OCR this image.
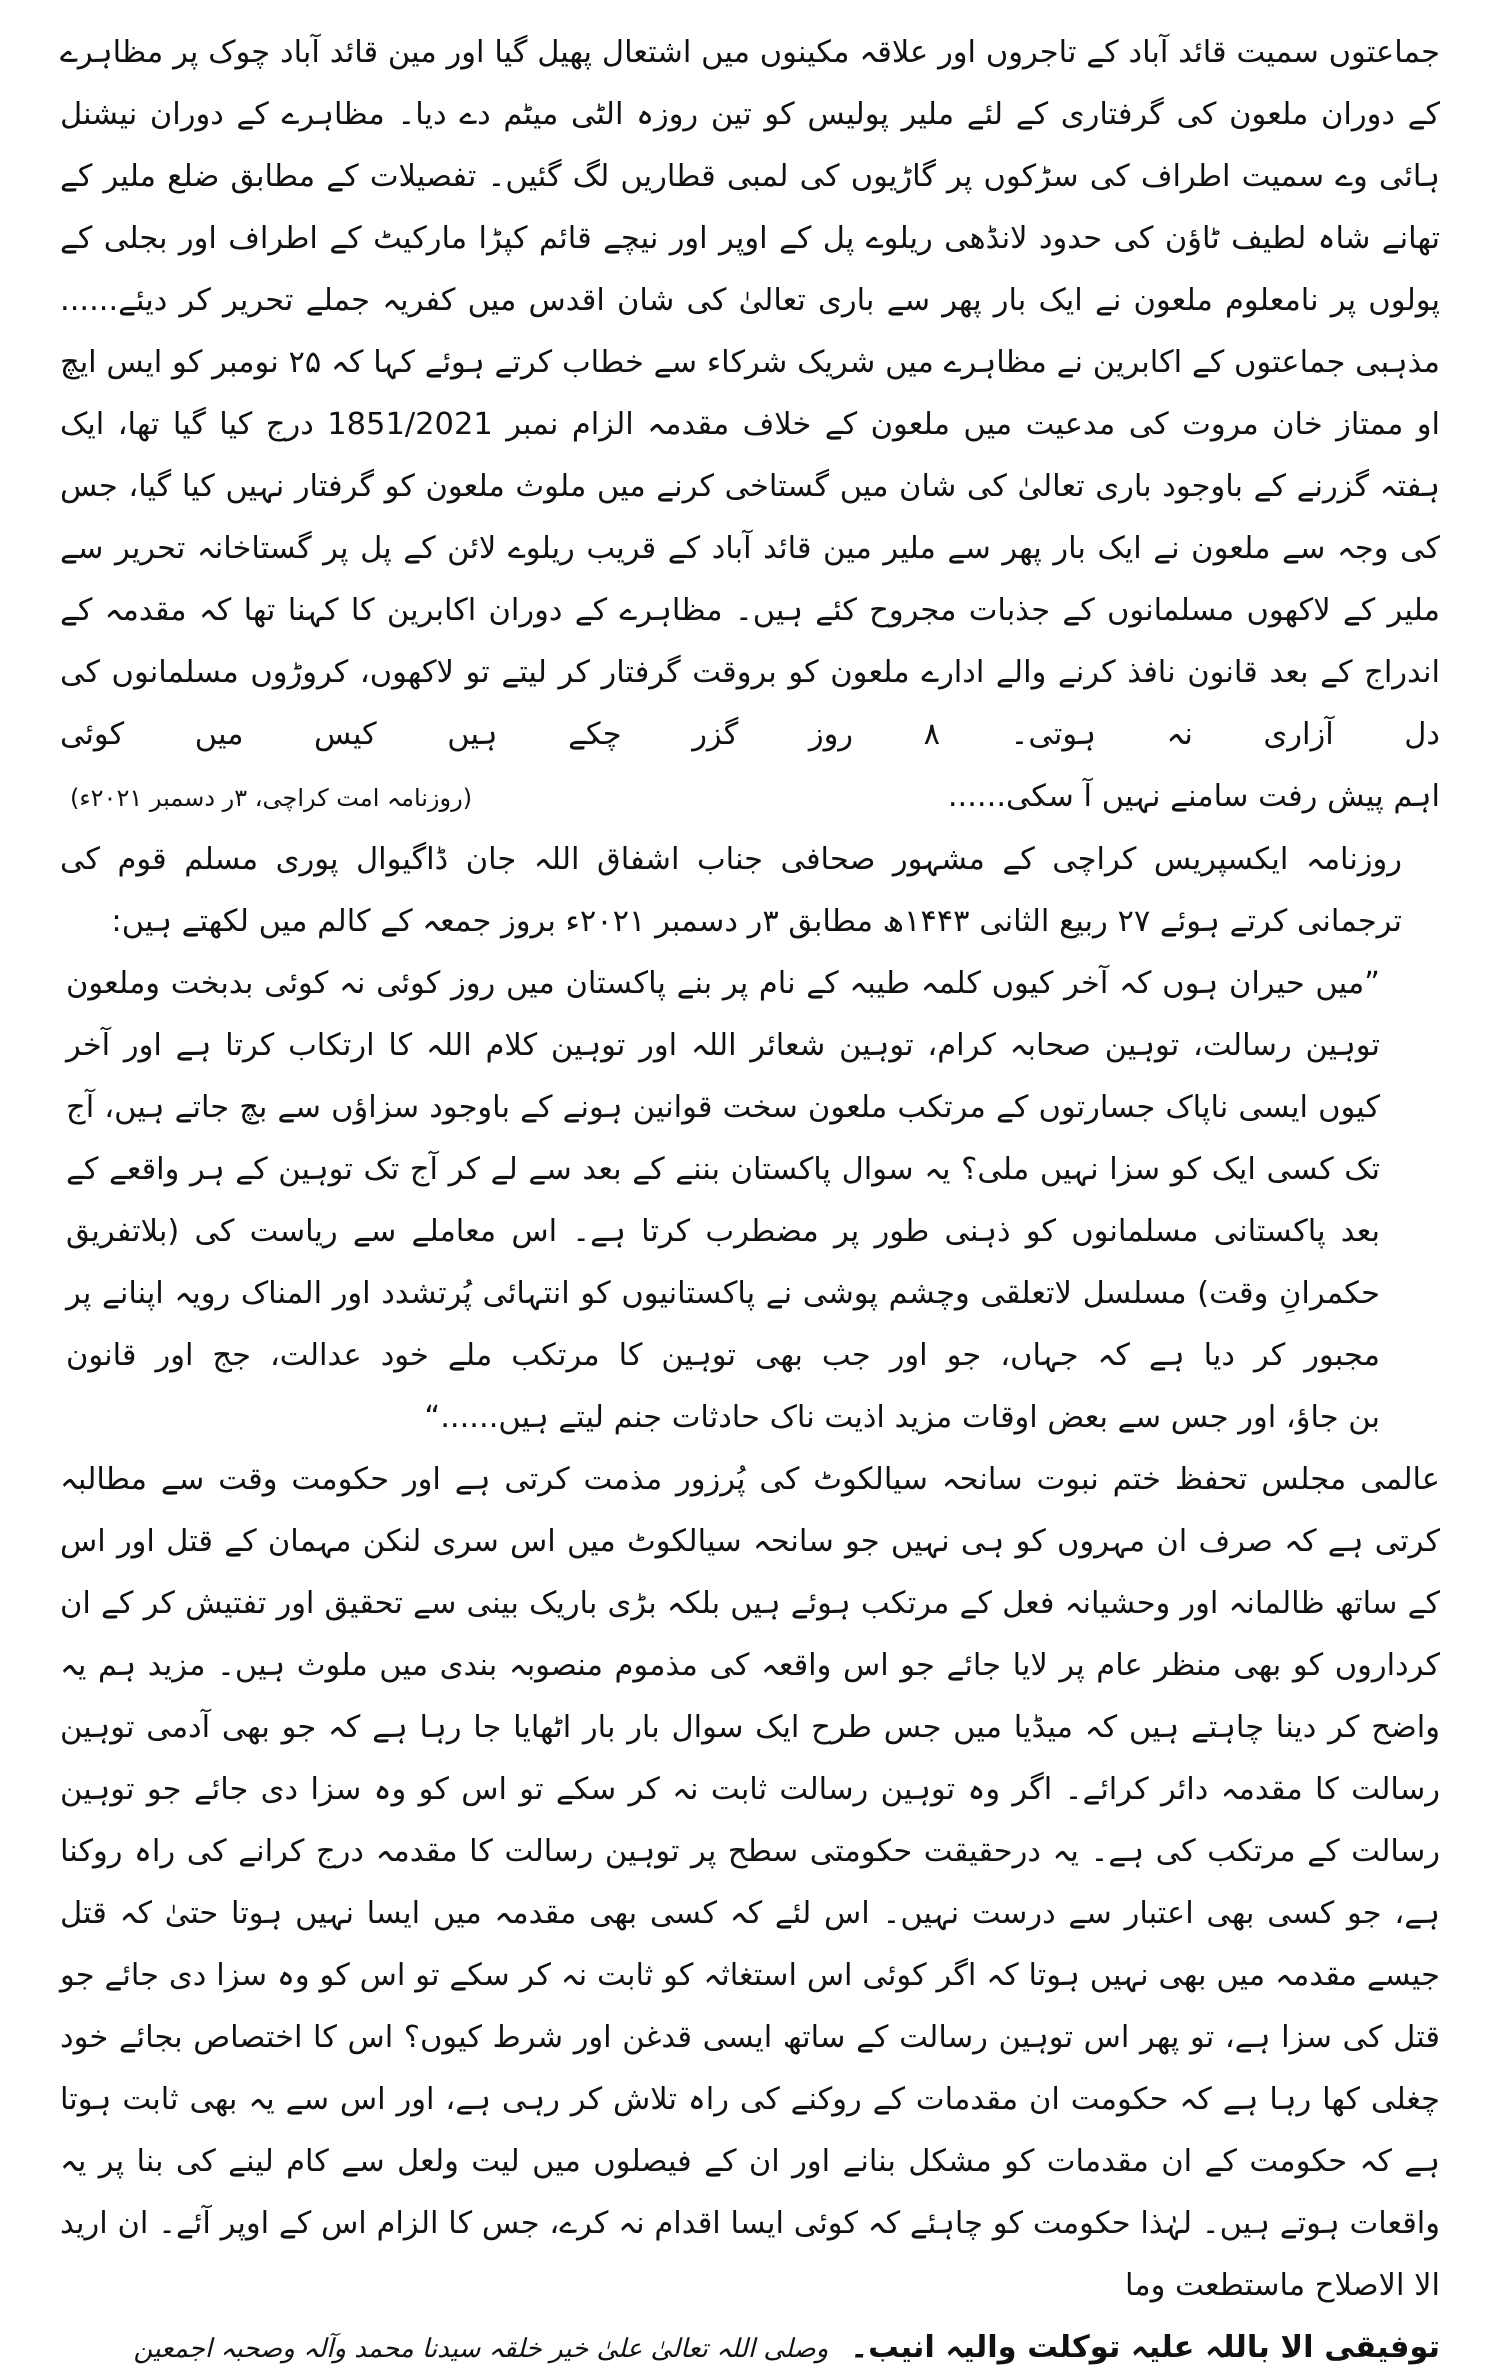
جماعتوں سمیت قائد آباد کے تاجروں اور علاقہ مکینوں میں اشتعال پھیل گیا اور مین قائد آباد چوک پر مظاہرے کے دوران ملعون کی گرفتاری کے لئے ملیر پولیس کو تین روزہ الٹی میٹم دے دیا۔ مظاہرے کے دوران نیشنل ہائی وے سمیت اطراف کی سڑکوں پر گاڑیوں کی لمبی قطاریں لگ گئیں۔ تفصیلات کے مطابق ضلع ملیر کے تھانے شاہ لطیف ٹاؤن کی حدود لانڈھی ریلوے پل کے اوپر اور نیچے قائم کپڑا مارکیٹ کے اطراف اور بجلی کے پولوں پر نامعلوم ملعون نے ایک بار پھر سے باری تعالیٰ کی شان اقدس میں کفریہ جملے تحریر کر دیئے...... مذہبی جماعتوں کے اکابرین نے مظاہرے میں شریک شرکاء سے خطاب کرتے ہوئے کہا کہ ۲۵ نومبر کو ایس ایچ او ممتاز خان مروت کی مدعیت میں ملعون کے خلاف مقدمہ الزام نمبر 1851/2021 درج کیا گیا تھا، ایک ہفتہ گزرنے کے باوجود باری تعالیٰ کی شان میں گستاخی کرنے میں ملوث ملعون کو گرفتار نہیں کیا گیا، جس کی وجہ سے ملعون نے ایک بار پھر سے ملیر مین قائد آباد کے قریب ریلوے لائن کے پل پر گستاخانہ تحریر سے ملیر کے لاکھوں مسلمانوں کے جذبات مجروح کئے ہیں۔ مظاہرے کے دوران اکابرین کا کہنا تھا کہ مقدمہ کے اندراج کے بعد قانون نافذ کرنے والے ادارے ملعون کو بروقت گرفتار کر لیتے تو لاکھوں، کروڑوں مسلمانوں کی دل آزاری نہ ہوتی۔ ۸ روز گزر چکے ہیں کیس میں کوئی

اہم پیش رفت سامنے نہیں آ سکی......
(روزنامہ امت کراچی، ۳ر دسمبر ۲۰۲۱ء)

روزنامہ ایکسپریس کراچی کے مشہور صحافی جناب اشفاق اللہ جان ڈاگیوال پوری مسلم قوم کی ترجمانی کرتے ہوئے ۲۷ ربیع الثانی ۱۴۴۳ھ مطابق ۳ر دسمبر ۲۰۲۱ء بروز جمعہ کے کالم میں لکھتے ہیں:

”میں حیران ہوں کہ آخر کیوں کلمہ طیبہ کے نام پر بنے پاکستان میں روز کوئی نہ کوئی بدبخت وملعون توہین رسالت، توہین صحابہ کرام، توہین شعائر اللہ اور توہین کلام اللہ کا ارتکاب کرتا ہے اور آخر کیوں ایسی ناپاک جسارتوں کے مرتکب ملعون سخت قوانین ہونے کے باوجود سزاؤں سے بچ جاتے ہیں، آج تک کسی ایک کو سزا نہیں ملی؟ یہ سوال پاکستان بننے کے بعد سے لے کر آج تک توہین کے ہر واقعے کے بعد پاکستانی مسلمانوں کو ذہنی طور پر مضطرب کرتا ہے۔ اس معاملے سے ریاست کی (بلاتفریق حکمرانِ وقت) مسلسل لاتعلقی وچشم پوشی نے پاکستانیوں کو انتہائی پُرتشدد اور المناک رویہ اپنانے پر مجبور کر دیا ہے کہ جہاں، جو اور جب بھی توہین کا مرتکب ملے خود عدالت، جج اور قانون

بن جاؤ، اور جس سے بعض اوقات مزید اذیت ناک حادثات جنم لیتے ہیں......“

عالمی مجلس تحفظ ختم نبوت سانحہ سیالکوٹ کی پُرزور مذمت کرتی ہے اور حکومت وقت سے مطالبہ کرتی ہے کہ صرف ان مہروں کو ہی نہیں جو سانحہ سیالکوٹ میں اس سری لنکن مہمان کے قتل اور اس کے ساتھ ظالمانہ اور وحشیانہ فعل کے مرتکب ہوئے ہیں بلکہ بڑی باریک بینی سے تحقیق اور تفتیش کر کے ان کرداروں کو بھی منظر عام پر لایا جائے جو اس واقعہ کی مذموم منصوبہ بندی میں ملوث ہیں۔ مزید ہم یہ واضح کر دینا چاہتے ہیں کہ میڈیا میں جس طرح ایک سوال بار بار اٹھایا جا رہا ہے کہ جو بھی آدمی توہین رسالت کا مقدمہ دائر کرائے۔ اگر وہ توہین رسالت ثابت نہ کر سکے تو اس کو وہ سزا دی جائے جو توہین رسالت کے مرتکب کی ہے۔ یہ درحقیقت حکومتی سطح پر توہین رسالت کا مقدمہ درج کرانے کی راہ روکنا ہے، جو کسی بھی اعتبار سے درست نہیں۔ اس لئے کہ کسی بھی مقدمہ میں ایسا نہیں ہوتا حتیٰ کہ قتل جیسے مقدمہ میں بھی نہیں ہوتا کہ اگر کوئی اس استغاثہ کو ثابت نہ کر سکے تو اس کو وہ سزا دی جائے جو قتل کی سزا ہے، تو پھر اس توہین رسالت کے ساتھ ایسی قدغن اور شرط کیوں؟ اس کا اختصاص بجائے خود چغلی کھا رہا ہے کہ حکومت ان مقدمات کے روکنے کی راہ تلاش کر رہی ہے، اور اس سے یہ بھی ثابت ہوتا ہے کہ حکومت کے ان مقدمات کو مشکل بنانے اور ان کے فیصلوں میں لیت ولعل سے کام لینے کی بنا پر یہ واقعات ہوتے ہیں۔ لہٰذا حکومت کو چاہئے کہ کوئی ایسا اقدام نہ کرے، جس کا الزام اس کے اوپر آئے۔ ان ارید الا الاصلاح ماستطعت وما

توفیقی الا باللہ علیہ توکلت والیہ انیب۔
وصلی اللہ تعالیٰ علیٰ خیر خلقہ سیدنا محمد وآلہ وصحبہ اجمعین
